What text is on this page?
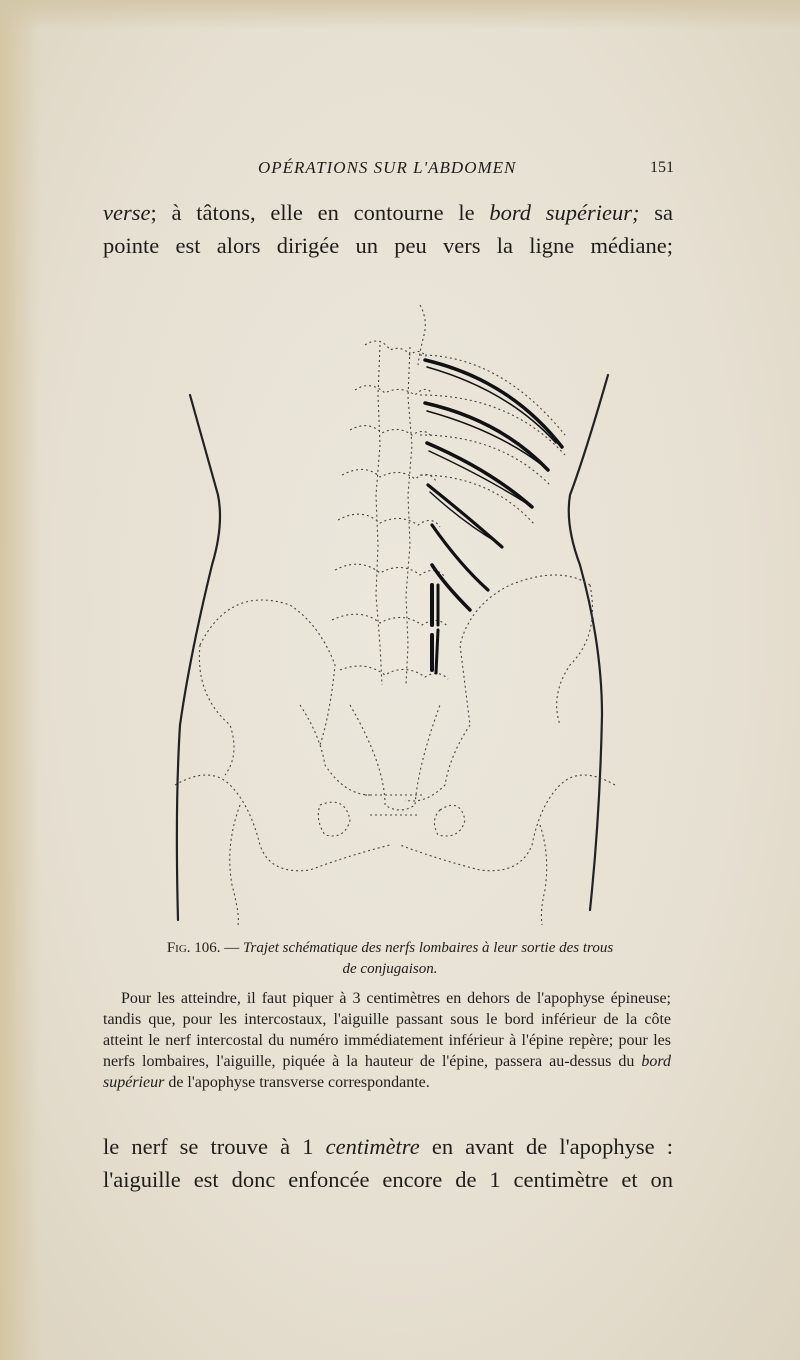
OPÉRATIONS SUR L'ABDOMEN	151
verse; à tâtons, elle en contourne le bord supérieur; sa
pointe est alors dirigée un peu vers la ligne médiane;
Fig. 106. — Trajet schématique des nerfs lombaires à leur sortie des trous
de conjugaison.
Pour les atteindre, il faut piquer à 3 centimètres en dehors de l'apophyse épineuse; tandis que, pour les intercostaux, l'aiguille passant sous le bord inférieur de la côte atteint le nerf intercostal du numéro immédiatement inférieur à l'épine repère; pour les nerfs lombaires, l'aiguille, piquée à la hauteur de l'épine, passera au-dessus du bord supérieur de l'apophyse transverse correspondante.
le nerf se trouve à 1 centimètre en avant de l'apophyse :
l'aiguille est donc enfoncée encore de 1 centimètre et on
